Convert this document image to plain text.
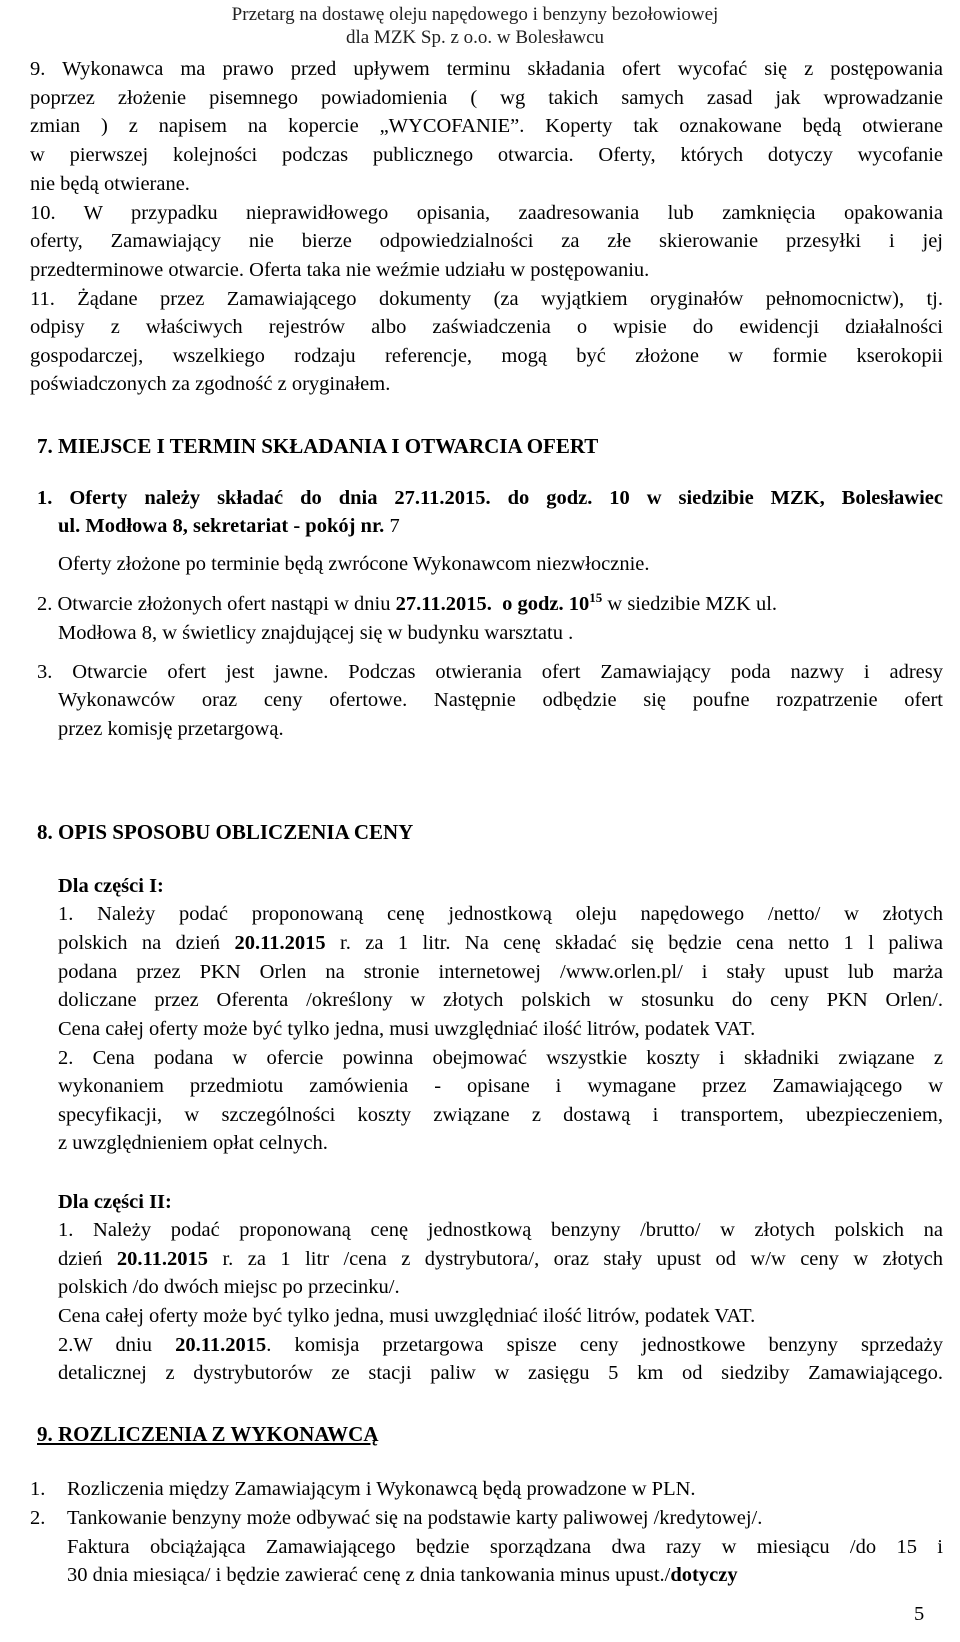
Przetarg na dostawę oleju napędowego i benzyny bezołowiowej
dla MZK Sp. z o.o. w Bolesławcu
9. Wykonawca ma prawo przed upływem terminu składania ofert wycofać się z postępowania
poprzez złożenie pisemnego powiadomienia ( wg takich samych zasad jak wprowadzanie
zmian ) z napisem na kopercie „WYCOFANIE”. Koperty tak oznakowane będą otwierane
w pierwszej kolejności podczas publicznego otwarcia. Oferty, których dotyczy wycofanie
nie będą otwierane.
10. W przypadku nieprawidłowego opisania, zaadresowania lub zamknięcia opakowania
oferty, Zamawiający nie bierze odpowiedzialności za złe skierowanie przesyłki i jej
przedterminowe otwarcie. Oferta taka nie weźmie udziału w postępowaniu.
11. Żądane przez Zamawiającego dokumenty (za wyjątkiem oryginałów pełnomocnictw), tj.
odpisy z właściwych rejestrów albo zaświadczenia o wpisie do ewidencji działalności
gospodarczej, wszelkiego rodzaju referencje, mogą być złożone w formie kserokopii
poświadczonych za zgodność z oryginałem.
7. MIEJSCE I TERMIN SKŁADANIA I OTWARCIA OFERT
1. Oferty należy składać do dnia 27.11.2015. do godz. 10 w siedzibie MZK, Bolesławiec
ul. Modłowa 8, sekretariat - pokój nr. 7
Oferty złożone po terminie będą zwrócone Wykonawcom niezwłocznie.
2. Otwarcie złożonych ofert nastąpi w dniu 27.11.2015.  o godz. $10^{15}$ w siedzibie MZK ul.
Modłowa 8, w świetlicy znajdującej się w budynku warsztatu .
3. Otwarcie ofert jest jawne. Podczas otwierania ofert Zamawiający poda nazwy i adresy
Wykonawców oraz ceny ofertowe. Następnie odbędzie się poufne rozpatrzenie ofert
przez komisję przetargową.
8. OPIS SPOSOBU OBLICZENIA CENY
Dla części I:
1. Należy podać proponowaną cenę jednostkową oleju napędowego /netto/ w złotych
polskich na dzień 20.11.2015 r. za 1 litr. Na cenę składać się będzie cena netto 1 l paliwa
podana przez PKN Orlen na stronie internetowej /www.orlen.pl/ i stały upust lub marża
doliczane przez Oferenta /określony w złotych polskich w stosunku do ceny PKN Orlen/.
Cena całej oferty może być tylko jedna, musi uwzględniać ilość litrów, podatek VAT.
2. Cena podana w ofercie powinna obejmować wszystkie koszty i składniki związane z
wykonaniem przedmiotu zamówienia - opisane i wymagane przez Zamawiającego w
specyfikacji, w szczególności koszty związane z dostawą i transportem, ubezpieczeniem,
z uwzględnieniem opłat celnych.
Dla części II:
1. Należy podać proponowaną cenę jednostkową benzyny /brutto/ w złotych polskich na
dzień 20.11.2015 r. za 1 litr /cena z dystrybutora/, oraz stały upust od w/w ceny w złotych
polskich /do dwóch miejsc po przecinku/.
Cena całej oferty może być tylko jedna, musi uwzględniać ilość litrów, podatek VAT.
2.W dniu 20.11.2015. komisja przetargowa spisze ceny jednostkowe benzyny sprzedaży
detalicznej z dystrybutorów ze stacji paliw w zasięgu 5 km od siedziby Zamawiającego.
9. ROZLICZENIA Z WYKONAWCĄ
1. Rozliczenia między Zamawiającym i Wykonawcą będą prowadzone w PLN.
2. Tankowanie benzyny może odbywać się na podstawie karty paliwowej /kredytowej/.
Faktura obciążająca Zamawiającego będzie sporządzana dwa razy w miesiącu /do 15 i
30 dnia miesiąca/ i będzie zawierać cenę z dnia tankowania minus upust./dotyczy
5
